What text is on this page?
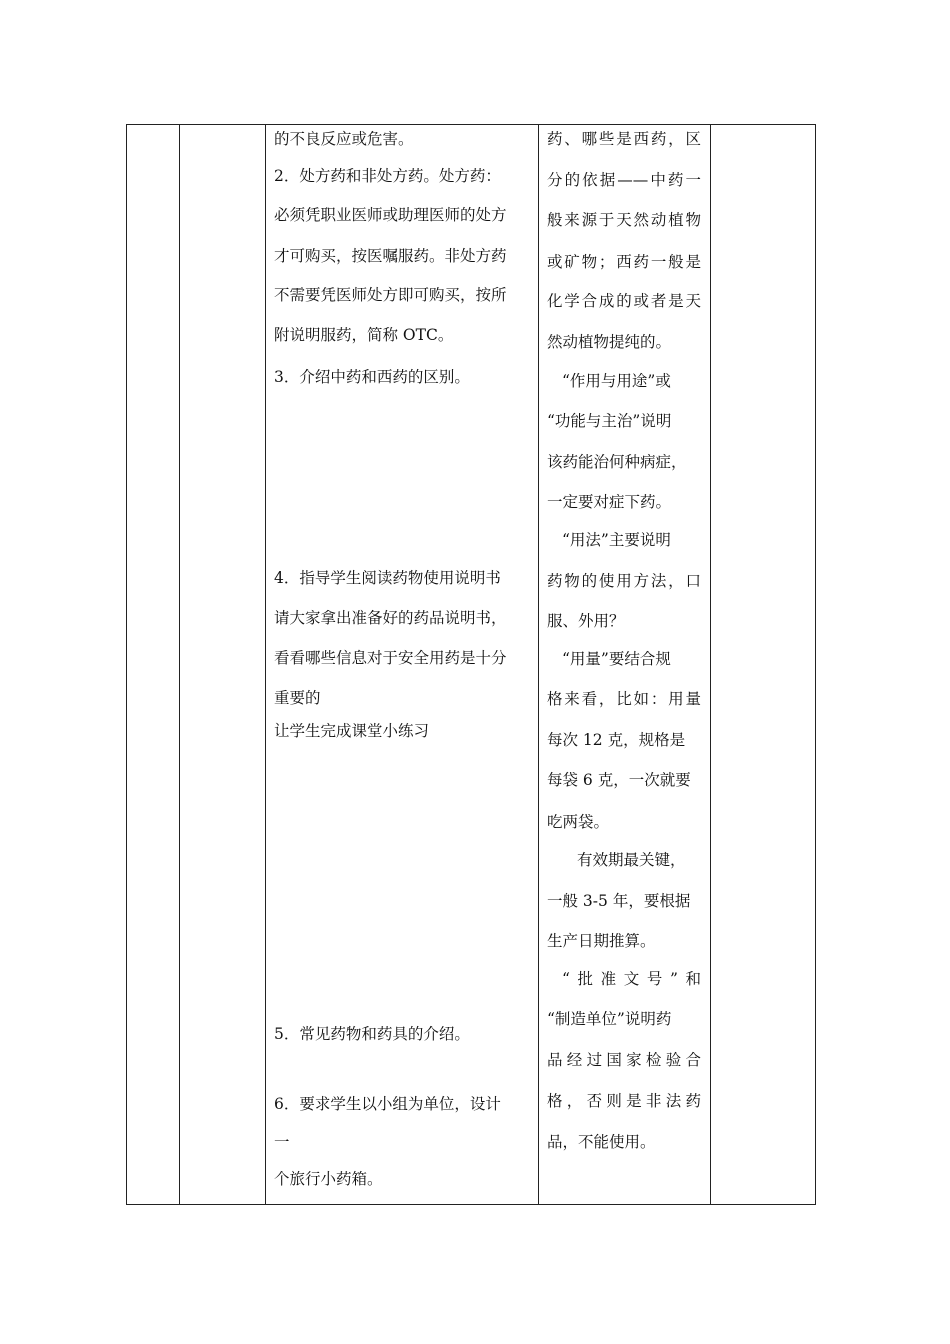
的不良反应或危害。
2．处方药和非处方药。处方药：
必须凭职业医师或助理医师的处方
才可购买，按医嘱服药。非处方药
不需要凭医师处方即可购买，按所
附说明服药，简称 OTC。
3．介绍中药和西药的区别。
4．指导学生阅读药物使用说明书
请大家拿出准备好的药品说明书，
看看哪些信息对于安全用药是十分
重要的
让学生完成课堂小练习
5．常见药物和药具的介绍。
6．要求学生以小组为单位，设计
一
个旅行小药箱。
药、哪些是西药，区
分的依据——中药一
般来源于天然动植物
或矿物；西药一般是
化学合成的或者是天
然动植物提纯的。
“作用与用途”或
“功能与主治”说明
该药能治何种病症，
一定要对症下药。
“用法”主要说明
药物的使用方法，口
服、外用？
“用量”要结合规
格来看，比如：用量
每次 12 克，规格是
每袋 6 克，一次就要
吃两袋。
有效期最关键，
一般 3-5 年，要根据
生产日期推算。
“批准文号”和
“制造单位”说明药
品经过国家检验合
格，否则是非法药
品，不能使用。
